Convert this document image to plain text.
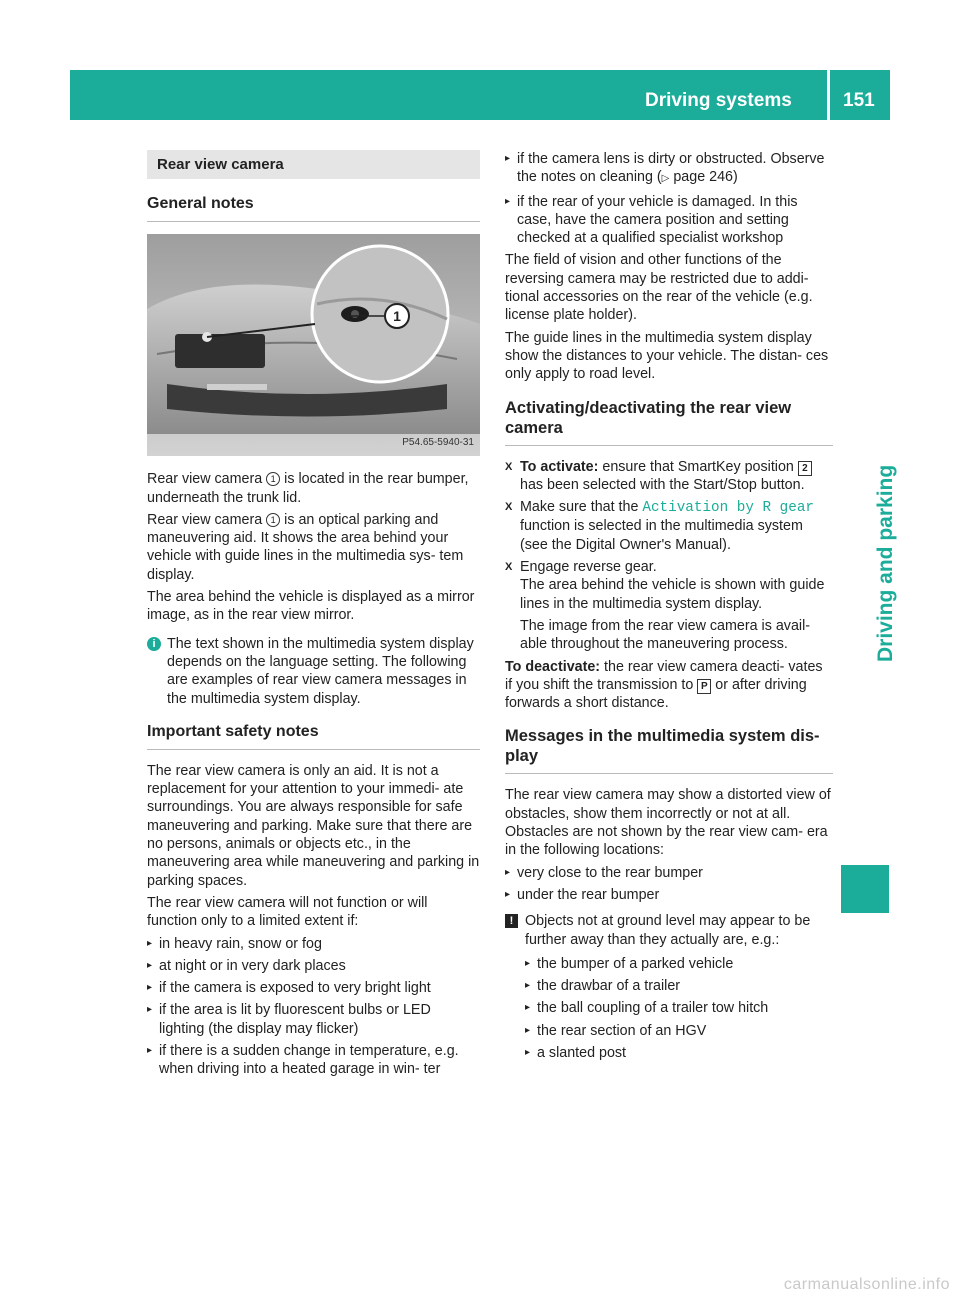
Driving systems	151
Driving and parking
Rear view camera
General notes
1
P54.65-5940-31

Rear view camera 1 is located in the rear bumper, underneath the trunk lid.

Rear view camera 1 is an optical parking and maneuvering aid. It shows the area behind your vehicle with guide lines in the multimedia sys- tem display.

The area behind the vehicle is displayed as a mirror image, as in the rear view mirror.

i The text shown in the multimedia system display depends on the language setting. The following are examples of rear view camera messages in the multimedia system display.
Important safety notes

The rear view camera is only an aid. It is not a replacement for your attention to your immedi- ate surroundings. You are always responsible for safe maneuvering and parking. Make sure that there are no persons, animals or objects etc., in the maneuvering area while maneuvering and parking in parking spaces.

The rear view camera will not function or will function only to a limited extent if:

▸ in heavy rain, snow or fog
▸ at night or in very dark places
▸ if the camera is exposed to very bright light
▸ if the area is lit by fluorescent bulbs or LED lighting (the display may flicker)
▸ if there is a sudden change in temperature, e.g. when driving into a heated garage in win- ter
▸ if the camera lens is dirty or obstructed. Observe the notes on cleaning (▷ page 246)
▸ if the rear of your vehicle is damaged. In this case, have the camera position and setting checked at a qualified specialist workshop

The field of vision and other functions of the reversing camera may be restricted due to addi- tional accessories on the rear of the vehicle (e.g. license plate holder).

The guide lines in the multimedia system display show the distances to your vehicle. The distan- ces only apply to road level.

Activating/deactivating the rear view camera
X To activate: ensure that SmartKey position 2 has been selected with the Start/Stop button.
X Make sure that the Activation by R gear function is selected in the multimedia system (see the Digital Owner's Manual).
X Engage reverse gear.
The area behind the vehicle is shown with guide lines in the multimedia system display.
The image from the rear view camera is avail- able throughout the maneuvering process.

To deactivate: the rear view camera deacti- vates if you shift the transmission to P or after driving forwards a short distance.

Messages in the multimedia system dis- play

The rear view camera may show a distorted view of obstacles, show them incorrectly or not at all. Obstacles are not shown by the rear view cam- era in the following locations:

▸ very close to the rear bumper
▸ under the rear bumper
! Objects not at ground level may appear to be further away than they actually are, e.g.:
▸ the bumper of a parked vehicle
▸ the drawbar of a trailer
▸ the ball coupling of a trailer tow hitch
▸ the rear section of an HGV
▸ a slanted post
carmanualsonline.info
